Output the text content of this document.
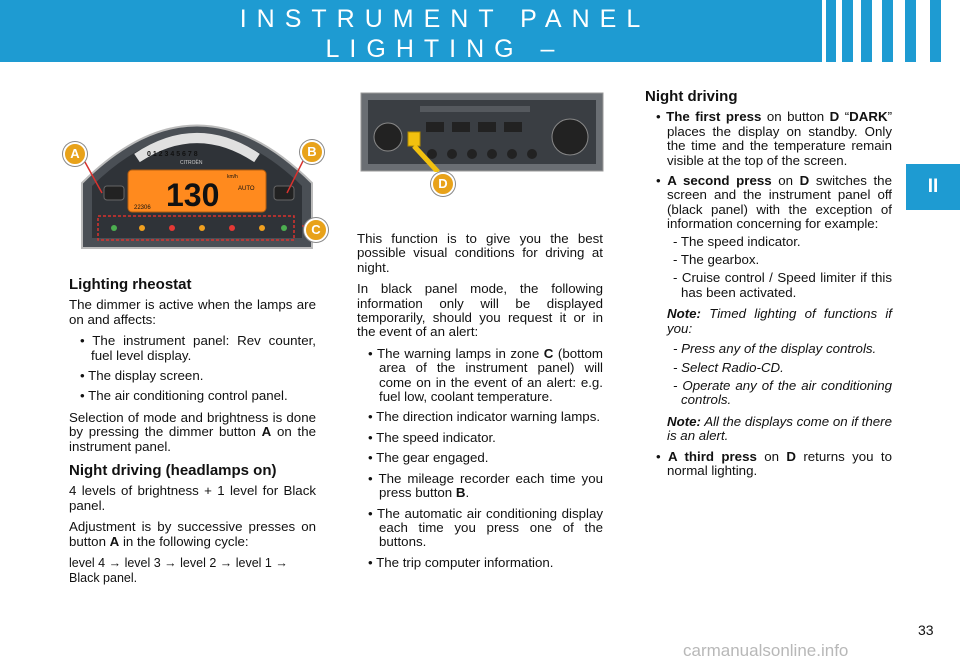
INSTRUMENT PANEL LIGHTING –
BLACK PANEL
II
0 1 2 3 4 5 6 7 8
CITROËN
130
22306
AUTO
km/h
A	B
C
D
Lighting rheostat

The dimmer is active when the lamps are on and affects:

• The instrument panel: Rev counter, fuel level display.
• The display screen.
• The air conditioning control panel.

Selection of mode and brightness is done by pressing the dimmer button A on the instrument panel.

Night driving (headlamps on)

4 levels of brightness + 1 level for Black panel.

Adjustment is by successive presses on button A in the following cycle:

level 4 → level 3 → level 2 → level 1 → Black panel.

This function is to give you the best possible visual conditions for driving at night.

In black panel mode, the following information only will be displayed temporarily, should you request it or in the event of an alert:

• The warning lamps in zone C (bottom area of the instrument panel) will come on in the event of an alert: e.g. fuel low, coolant temperature.
• The direction indicator warning lamps.
• The speed indicator.
• The gear engaged.
• The mileage recorder each time you press button B.
• The automatic air conditioning display each time you press one of the buttons.
• The trip computer information.
Night driving
• The first press on button D “DARK” places the display on standby. Only the time and the temperature remain visible at the top of the screen.
• A second press on D switches the screen and the instrument panel off (black panel) with the exception of information concerning for example:
- The speed indicator.
- The gearbox.
- Cruise control / Speed limiter if this has been activated.

Note: Timed lighting of functions if you:

- Press any of the display controls.
- Select Radio-CD.
- Operate any of the air conditioning controls.

Note: All the displays come on if there is an alert.

• A third press on D returns you to normal lighting.
33
carmanualsonline.info
